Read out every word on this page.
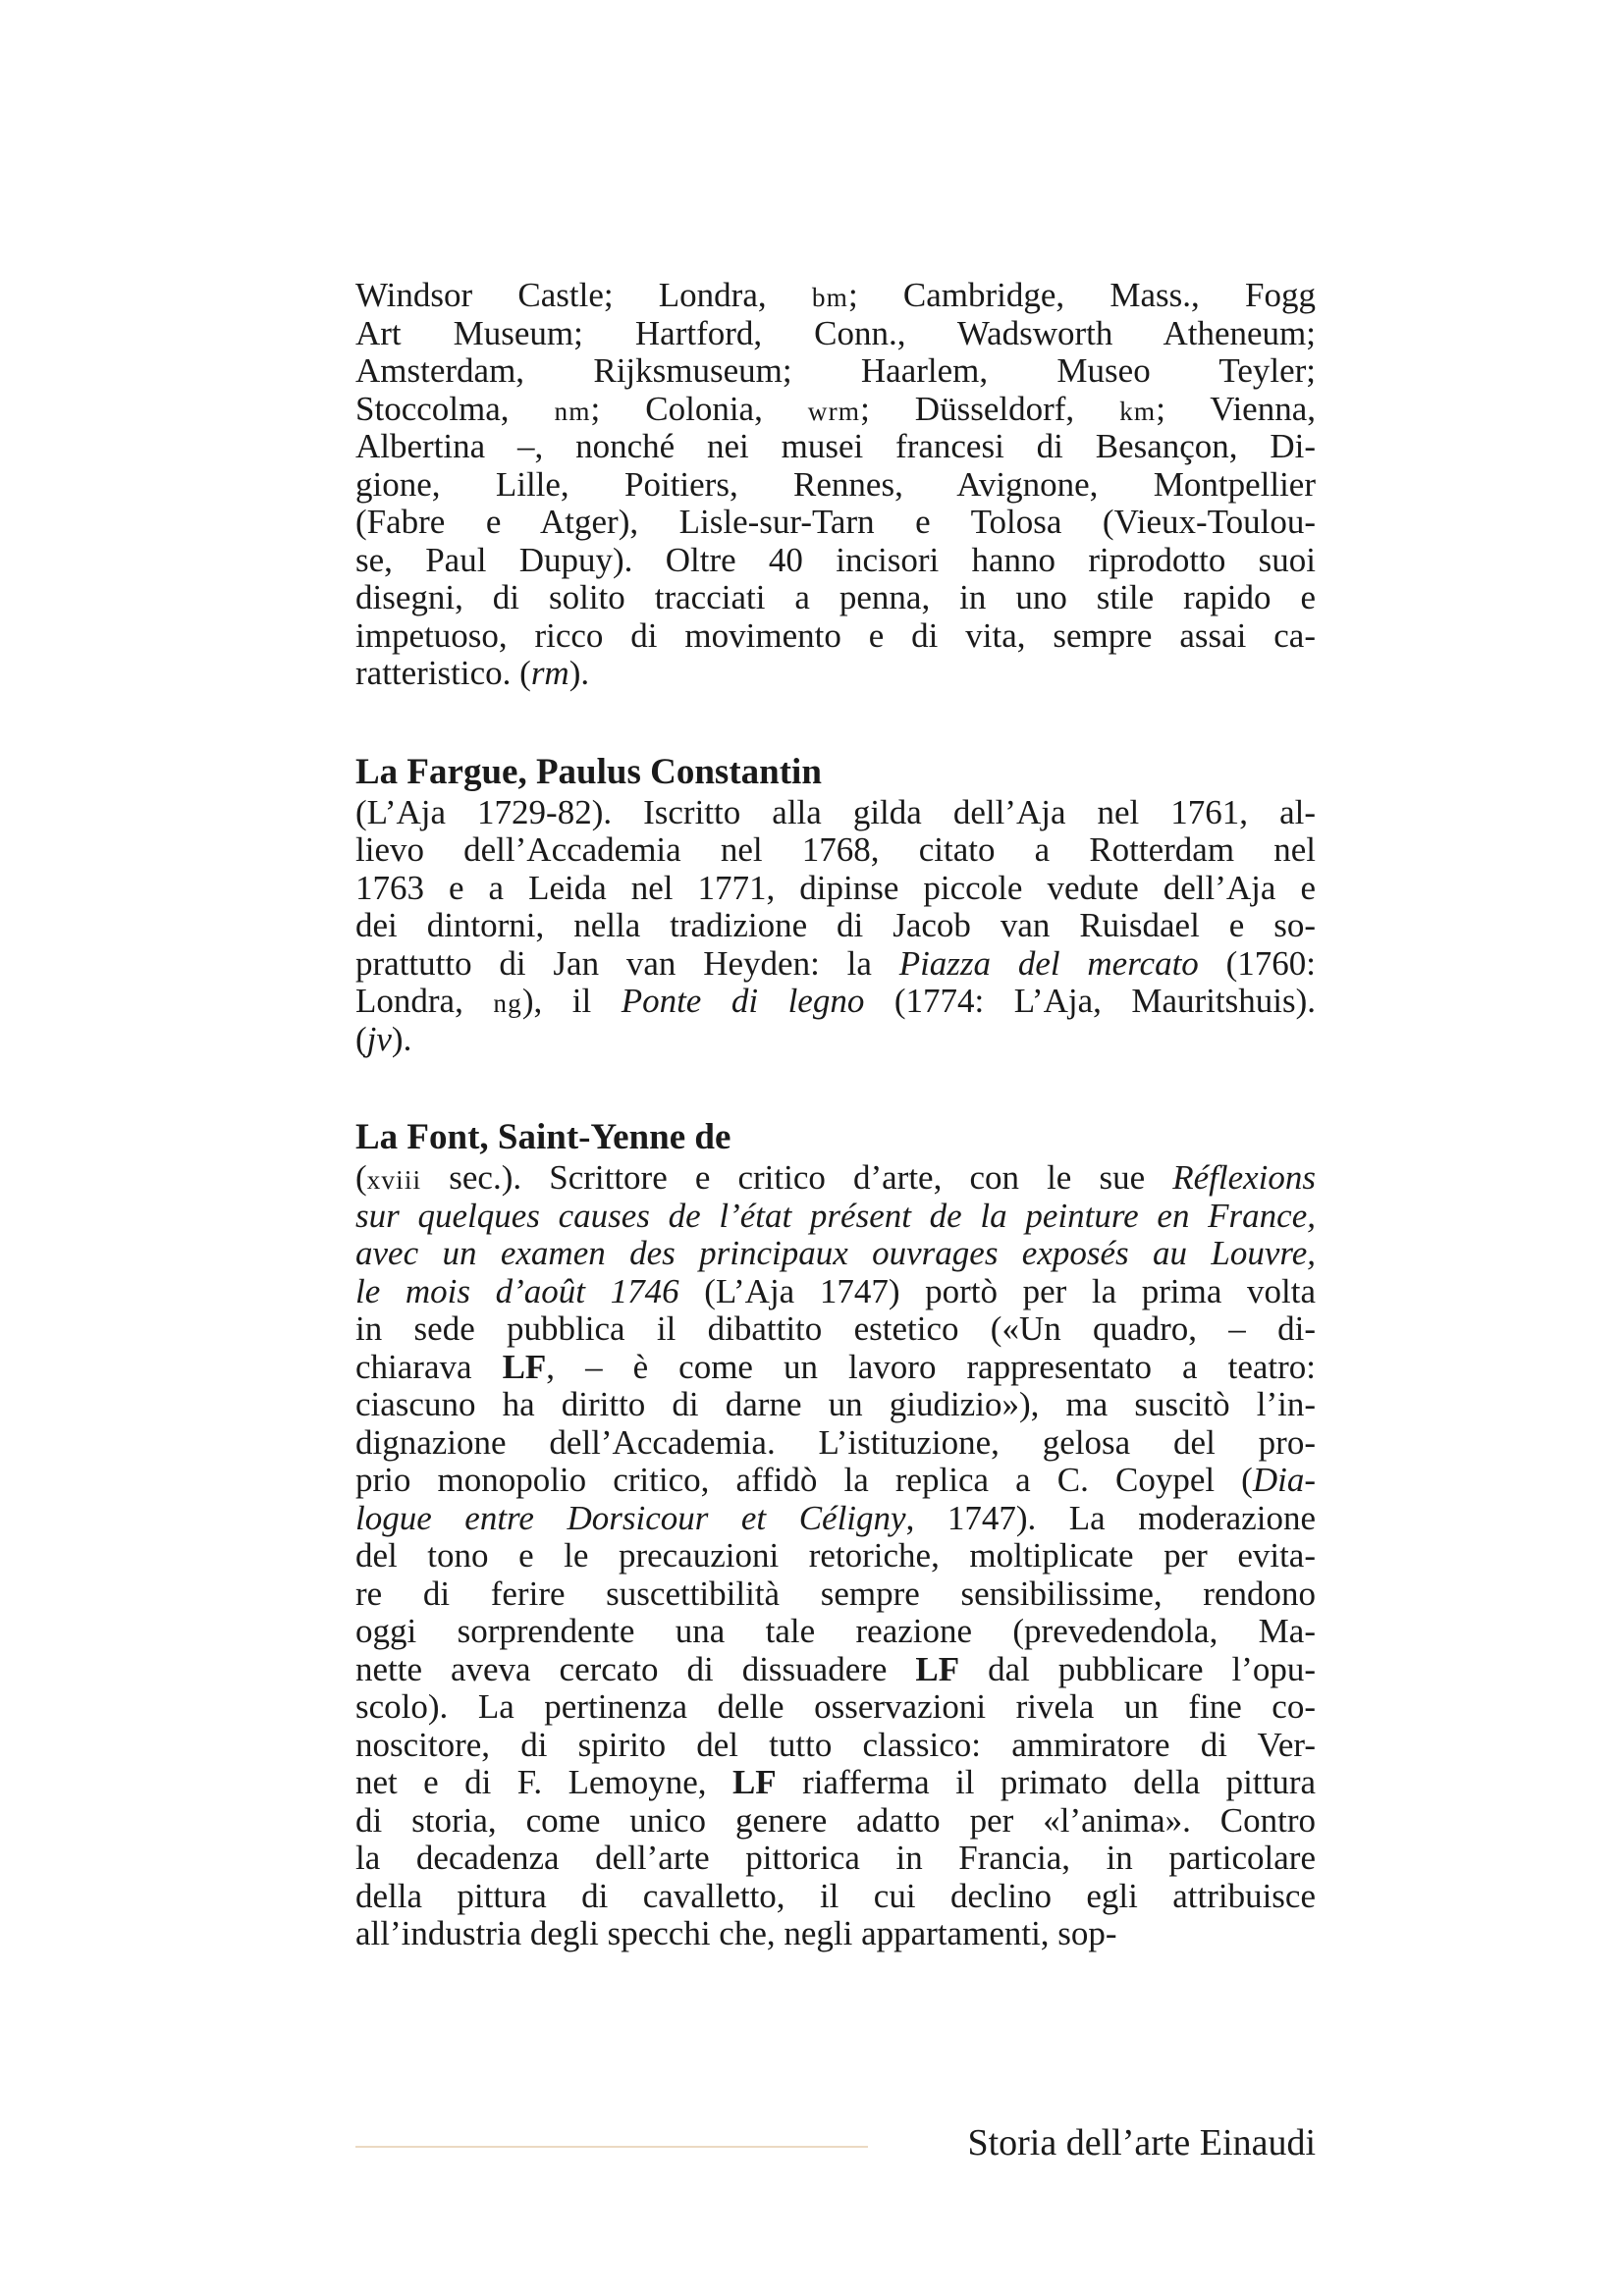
Windsor Castle; Londra, bm; Cambridge, Mass., Fogg
Art Museum; Hartford, Conn., Wadsworth Atheneum;
Amsterdam, Rijksmuseum; Haarlem, Museo Teyler;
Stoccolma, nm; Colonia, wrm; Düsseldorf, km; Vienna,
Albertina –, nonché nei musei francesi di Besançon, Di-
gione, Lille, Poitiers, Rennes, Avignone, Montpellier
(Fabre e Atger), Lisle-sur-Tarn e Tolosa (Vieux-Toulou-
se, Paul Dupuy). Oltre 40 incisori hanno riprodotto suoi
disegni, di solito tracciati a penna, in uno stile rapido e
impetuoso, ricco di movimento e di vita, sempre assai ca-
ratteristico. (rm).
La Fargue, Paulus Constantin
(L’Aja 1729-82). Iscritto alla gilda dell’Aja nel 1761, al-
lievo dell’Accademia nel 1768, citato a Rotterdam nel
1763 e a Leida nel 1771, dipinse piccole vedute dell’Aja e
dei dintorni, nella tradizione di Jacob van Ruisdael e so-
prattutto di Jan van Heyden: la Piazza del mercato (1760:
Londra, ng), il Ponte di legno (1774: L’Aja, Mauritshuis).
(jv).
La Font, Saint-Yenne de
(xviii sec.). Scrittore e critico d’arte, con le sue Réflexions
sur quelques causes de l’état présent de la peinture en France,
avec un examen des principaux ouvrages exposés au Louvre,
le mois d’août 1746 (L’Aja 1747) portò per la prima volta
in sede pubblica il dibattito estetico («Un quadro, – di-
chiarava LF, – è come un lavoro rappresentato a teatro:
ciascuno ha diritto di darne un giudizio»), ma suscitò l’in-
dignazione dell’Accademia. L’istituzione, gelosa del pro-
prio monopolio critico, affidò la replica a C. Coypel (Dia-
logue entre Dorsicour et Céligny, 1747). La moderazione
del tono e le precauzioni retoriche, moltiplicate per evita-
re di ferire suscettibilità sempre sensibilissime, rendono
oggi sorprendente una tale reazione (prevedendola, Ma-
nette aveva cercato di dissuadere LF dal pubblicare l’opu-
scolo). La pertinenza delle osservazioni rivela un fine co-
noscitore, di spirito del tutto classico: ammiratore di Ver-
net e di F. Lemoyne, LF riafferma il primato della pittura
di storia, come unico genere adatto per «l’anima». Contro
la decadenza dell’arte pittorica in Francia, in particolare
della pittura di cavalletto, il cui declino egli attribuisce
all’industria degli specchi che, negli appartamenti, sop-
Storia dell’arte Einaudi
